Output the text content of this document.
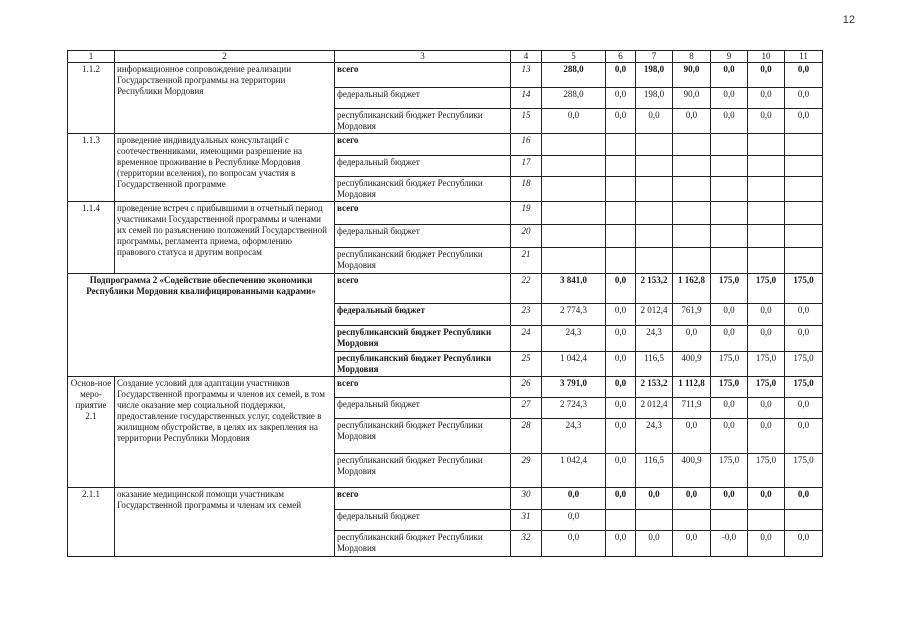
12
1	2	3	4	5	6	7	8	9	10	11
1.1.2	информационное сопровождение реализации Государственной программы на территории Республики Мордовия	всего	13	288,0	0,0	198,0	90,0	0,0	0,0	0,0
		федеральный бюджет	14	288,0	0,0	198,0	90,0	0,0	0,0	0,0
		республиканский бюджет Республики Мордовия	15	0,0	0,0	0,0	0,0	0,0	0,0	0,0
1.1.3	проведение индивидуальных консультаций с соотечественниками, имеющими разрешение на временное проживание в Республике Мордовия (территории вселения), по вопросам участия в Государственной программе	всего	16							
		федеральный бюджет	17							
		республиканский бюджет Республики Мордовия	18							
1.1.4	проведение встреч с прибывшими в отчетный период участниками Государственной программы и членами их семей по разъяснению положений Государственной программы, регламента приема, оформлению правового статуса и другим вопросам	всего	19							
		федеральный бюджет	20							
		республиканский бюджет Республики Мордовия	21							
Подпрограмма 2 «Содействие обеспечению экономики Республики Мордовия квалифицированными кадрами»		всего	22	3 841,0	0,0	2 153,2	1 162,8	175,0	175,0	175,0
		федеральный бюджет	23	2 774,3	0,0	2 012,4	761,9	0,0	0,0	0,0
		республиканский бюджет Республики Мордовия	24	24,3	0,0	24,3	0,0	0,0	0,0	0,0
		республиканский бюджет Республики Мордовия	25	1 042,4	0,0	116,5	400,9	175,0	175,0	175,0
Основ-ное меро-приятие 2.1	Создание условий для адаптации участников Государственной программы и членов их семей, в том числе оказание мер социальной поддержки, предоставление государственных услуг, содействие в жилищном обустройстве, в целях их закрепления на территории Республики Мордовия	всего	26	3 791,0	0,0	2 153,2	1 112,8	175,0	175,0	175,0
		федеральный бюджет	27	2 724,3	0,0	2 012,4	711,9	0,0	0,0	0,0
		республиканский бюджет Республики Мордовия	28	24,3	0,0	24,3	0,0	0,0	0,0	0,0
		республиканский бюджет Республики Мордовия	29	1 042,4	0,0	116,5	400,9	175,0	175,0	175,0
2.1.1	оказание медицинской помощи участникам Государственной программы и членам их семей	всего	30	0,0	0,0	0,0	0,0	0,0	0,0	0,0
		федеральный бюджет	31	0,0						
		республиканский бюджет Республики Мордовия	32	0,0	0,0	0,0	0,0	-0,0	0,0	0,0
